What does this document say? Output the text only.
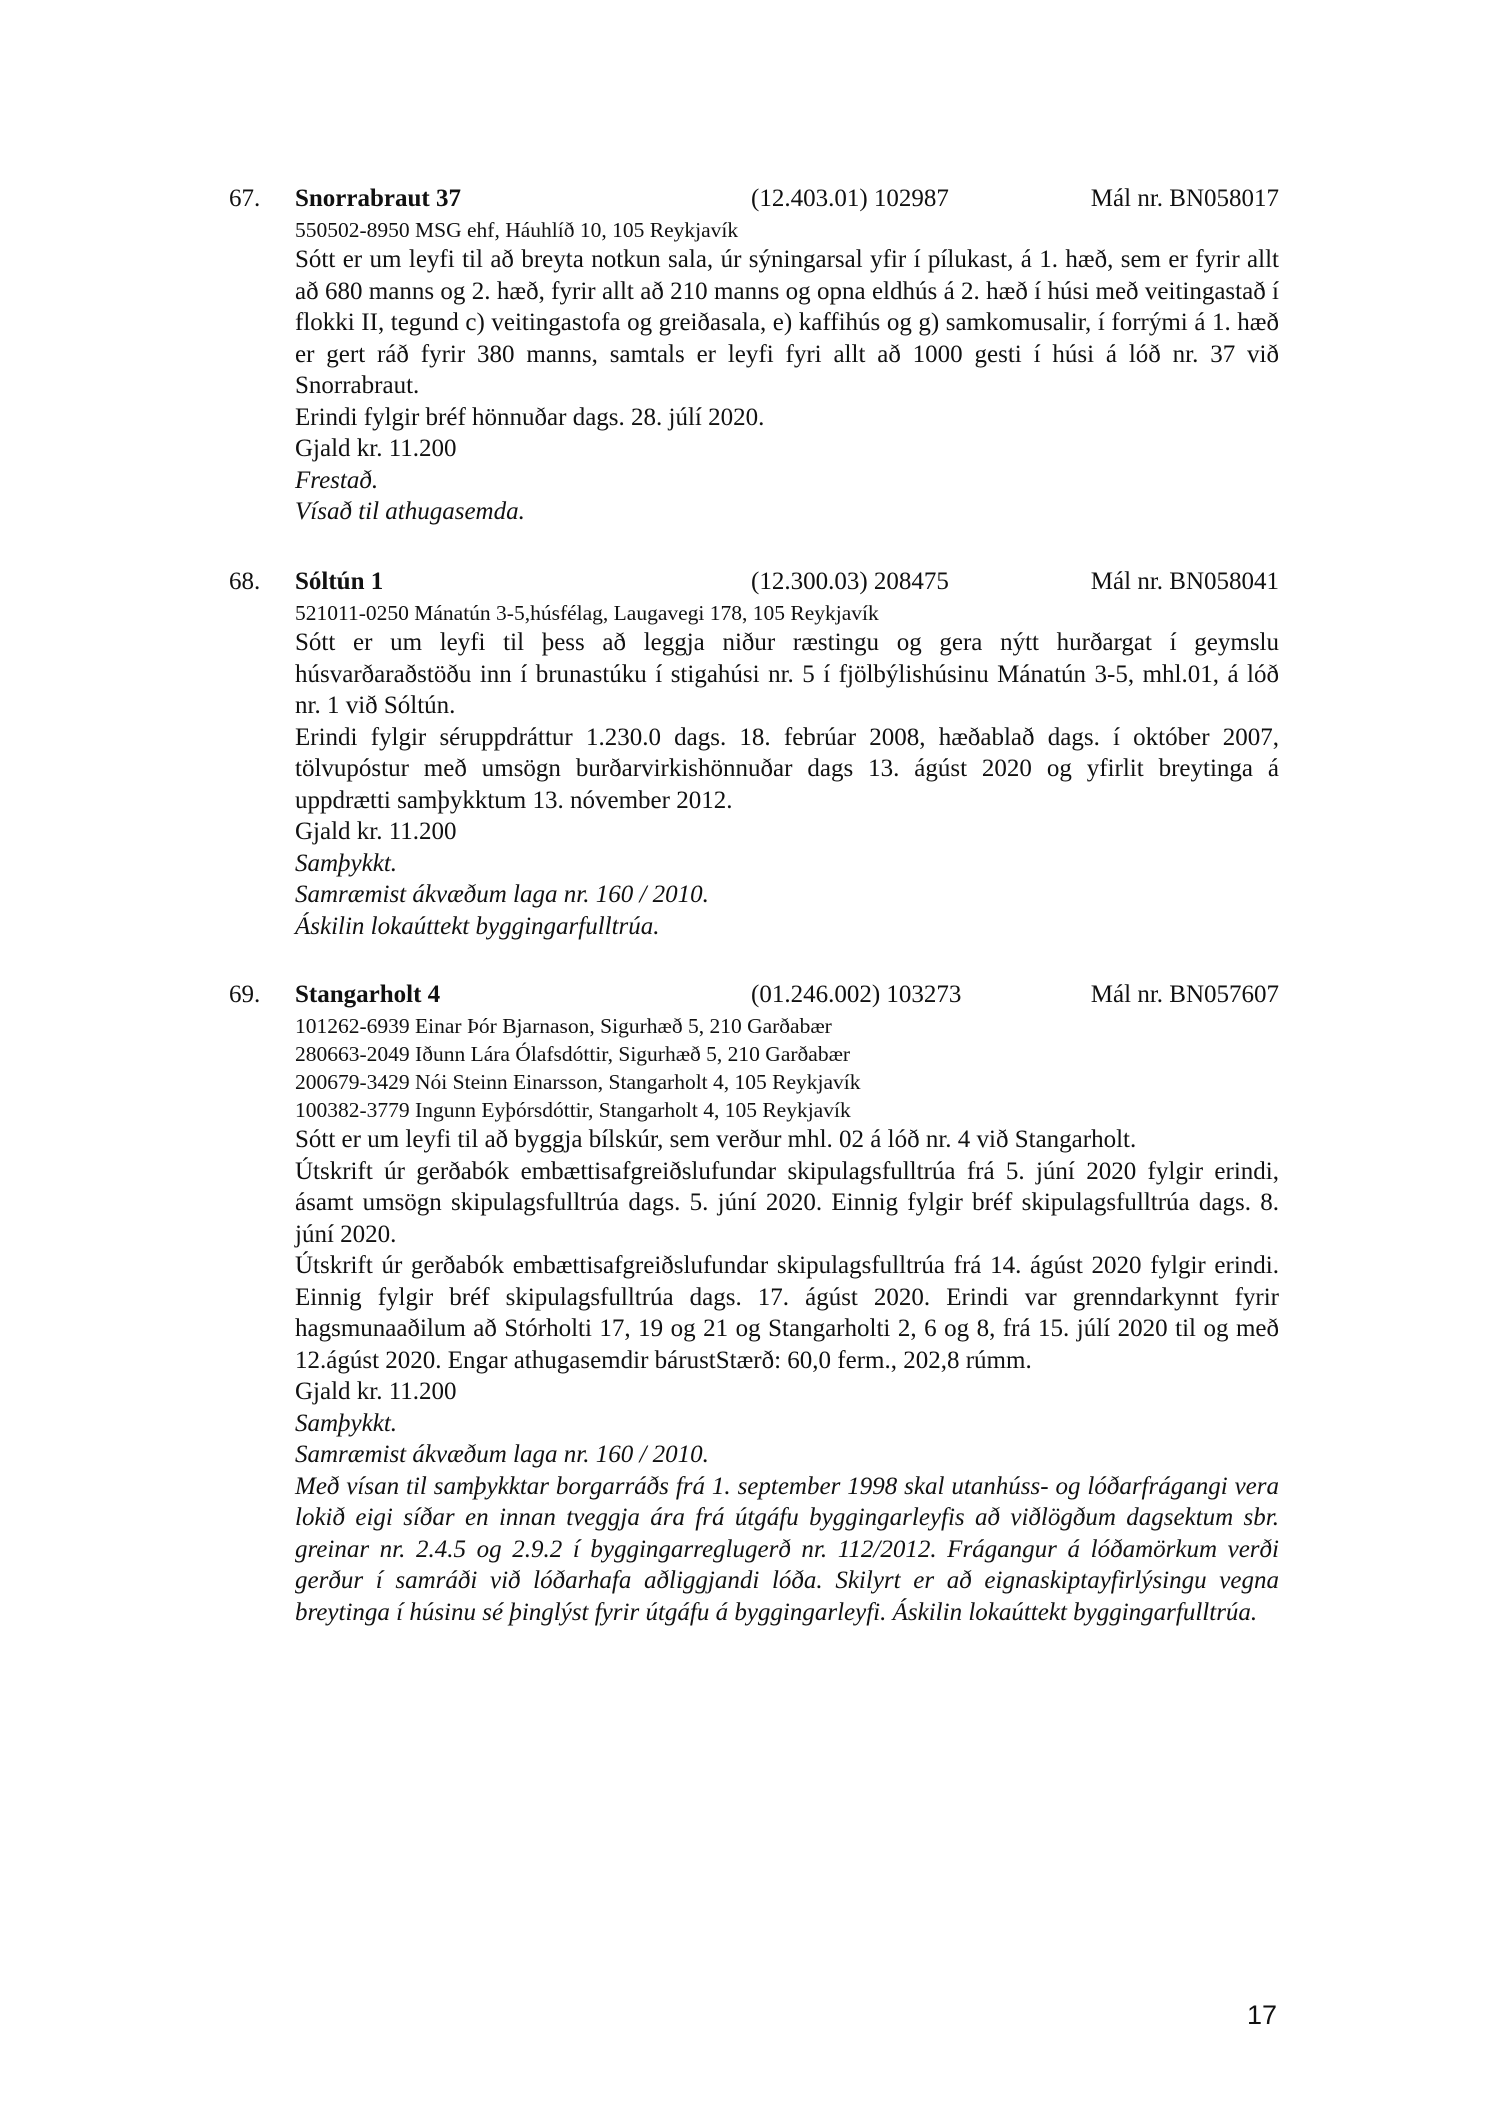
67. Snorrabraut 37	(12.403.01) 102987	Mál nr. BN058017
550502-8950 MSG ehf, Háuhlíð 10, 105 Reykjavík
Sótt er um leyfi til að breyta notkun sala, úr sýningarsal yfir í pílukast, á 1. hæð, sem er fyrir allt að 680 manns og 2. hæð, fyrir allt að 210 manns og opna eldhús á 2. hæð í húsi með veitingastað í flokki II, tegund c) veitingastofa og greiðasala, e) kaffihús og g) samkomusalir, í forrými á 1. hæð er gert ráð fyrir 380 manns, samtals er leyfi fyri allt að 1000 gesti í húsi á lóð nr. 37 við Snorrabraut.
Erindi fylgir bréf hönnuðar dags. 28. júlí 2020.
Gjald kr. 11.200
Frestað.
Vísað til athugasemda.
68. Sóltún 1	(12.300.03) 208475	Mál nr. BN058041
521011-0250 Mánatún 3-5,húsfélag, Laugavegi 178, 105 Reykjavík
Sótt er um leyfi til þess að leggja niður ræstingu og gera nýtt hurðargat í geymslu húsvarðaraðstöðu inn í brunastúku í stigahúsi nr. 5 í fjölbýlishúsinu Mánatún 3-5, mhl.01, á lóð nr. 1 við Sóltún.
Erindi fylgir séruppdráttur 1.230.0 dags. 18. febrúar 2008, hæðablað dags. í október 2007, tölvupóstur með umsögn burðarvirkishönnuðar dags 13. ágúst 2020 og yfirlit breytinga á uppdrætti samþykktum 13. nóvember 2012.
Gjald kr. 11.200
Samþykkt.
Samræmist ákvæðum laga nr. 160 / 2010.
Áskilin lokaúttekt byggingarfulltrúa.
69. Stangarholt 4	(01.246.002) 103273	Mál nr. BN057607
101262-6939 Einar Þór Bjarnason, Sigurhæð 5, 210 Garðabær
280663-2049 Iðunn Lára Ólafsdóttir, Sigurhæð 5, 210 Garðabær
200679-3429 Nói Steinn Einarsson, Stangarholt 4, 105 Reykjavík
100382-3779 Ingunn Eyþórsdóttir, Stangarholt 4, 105 Reykjavík
Sótt er um leyfi til að byggja bílskúr, sem verður mhl. 02 á lóð nr. 4 við Stangarholt.
Útskrift úr gerðabók embættisafgreiðslufundar skipulagsfulltrúa frá 5. júní 2020 fylgir erindi, ásamt umsögn skipulagsfulltrúa dags. 5. júní 2020. Einnig fylgir bréf skipulagsfulltrúa dags. 8. júní 2020.
Útskrift úr gerðabók embættisafgreiðslufundar skipulagsfulltrúa frá 14. ágúst 2020 fylgir erindi. Einnig fylgir bréf skipulagsfulltrúa dags. 17. ágúst 2020. Erindi var grenndarkynnt fyrir hagsmunaaðilum að Stórholti 17, 19 og 21 og Stangarholti 2, 6 og 8, frá 15. júlí 2020 til og með 12.ágúst 2020. Engar athugasemdir bárustStærð: 60,0 ferm., 202,8 rúmm.
Gjald kr. 11.200
Samþykkt.
Samræmist ákvæðum laga nr. 160 / 2010.
Með vísan til samþykktar borgarráðs frá 1. september 1998 skal utanhúss- og lóðarfrágangi vera lokið eigi síðar en innan tveggja ára frá útgáfu byggingarleyfis að viðlögðum dagsektum sbr. greinar nr. 2.4.5 og 2.9.2 í byggingarreglugerð nr. 112/2012. Frágangur á lóðamörkum verði gerður í samráði við lóðarhafa aðliggjandi lóða. Skilyrt er að eignaskiptayfirlýsingu vegna breytinga í húsinu sé þinglýst fyrir útgáfu á byggingarleyfi. Áskilin lokaúttekt byggingarfulltrúa.
17
